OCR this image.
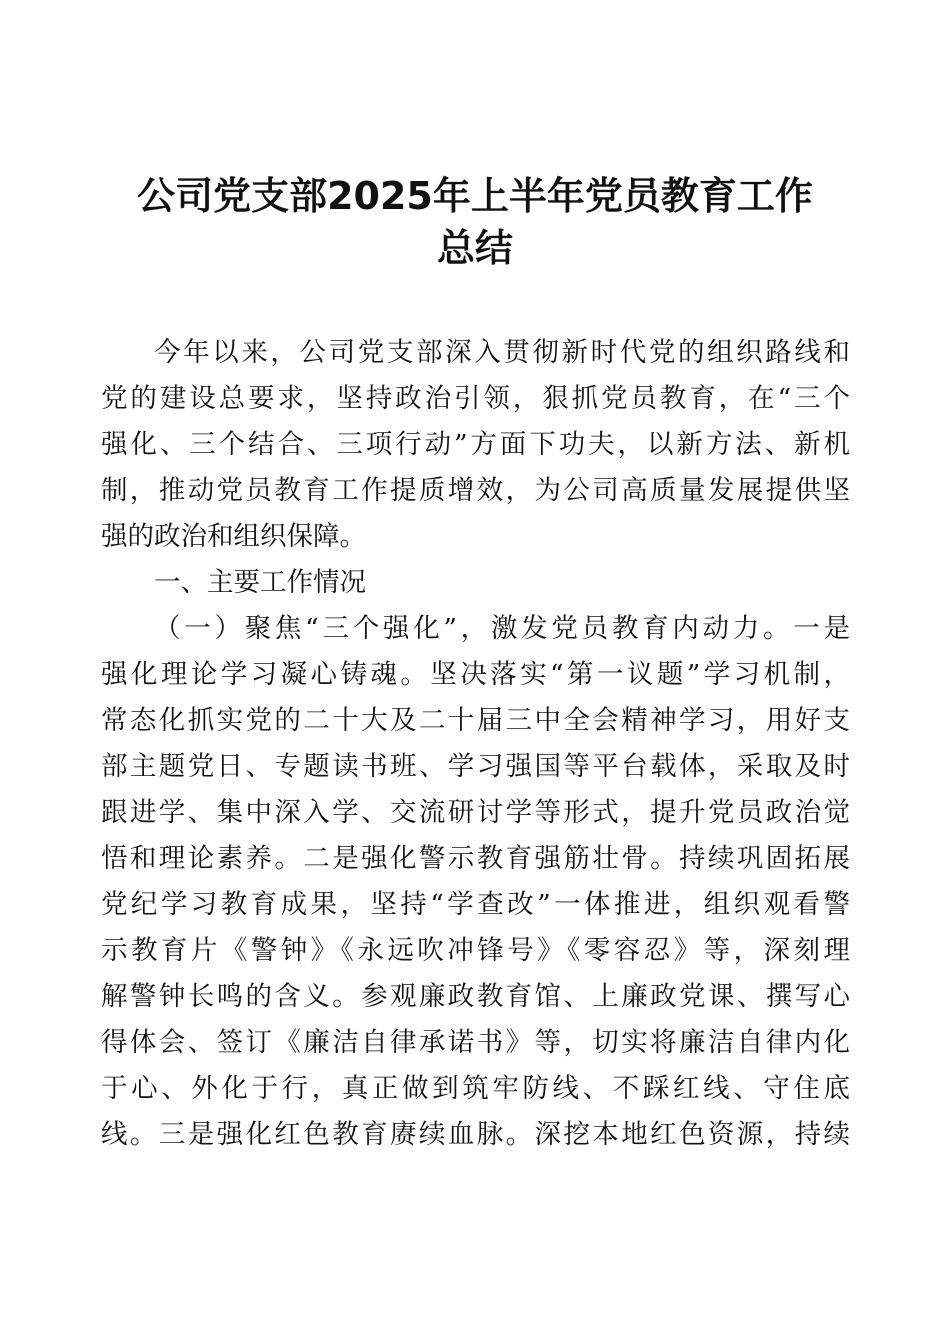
公司党支部2025年上半年党员教育工作
总结
今年以来，公司党支部深入贯彻新时代党的组织路线和
党的建设总要求，坚持政治引领，狠抓党员教育，在“三个
强化、三个结合、三项行动”方面下功夫，以新方法、新机
制，推动党员教育工作提质增效，为公司高质量发展提供坚
强的政治和组织保障。
一、主要工作情况
（一）聚焦“三个强化”，激发党员教育内动力。一是
强化理论学习凝心铸魂。坚决落实“第一议题”学习机制，
常态化抓实党的二十大及二十届三中全会精神学习，用好支
部主题党日、专题读书班、学习强国等平台载体，采取及时
跟进学、集中深入学、交流研讨学等形式，提升党员政治觉
悟和理论素养。二是强化警示教育强筋壮骨。持续巩固拓展
党纪学习教育成果，坚持“学查改”一体推进，组织观看警
示教育片《警钟》《永远吹冲锋号》《零容忍》等，深刻理
解警钟长鸣的含义。参观廉政教育馆、上廉政党课、撰写心
得体会、签订《廉洁自律承诺书》等，切实将廉洁自律内化
于心、外化于行，真正做到筑牢防线、不踩红线、守住底
线。三是强化红色教育赓续血脉。深挖本地红色资源，持续
